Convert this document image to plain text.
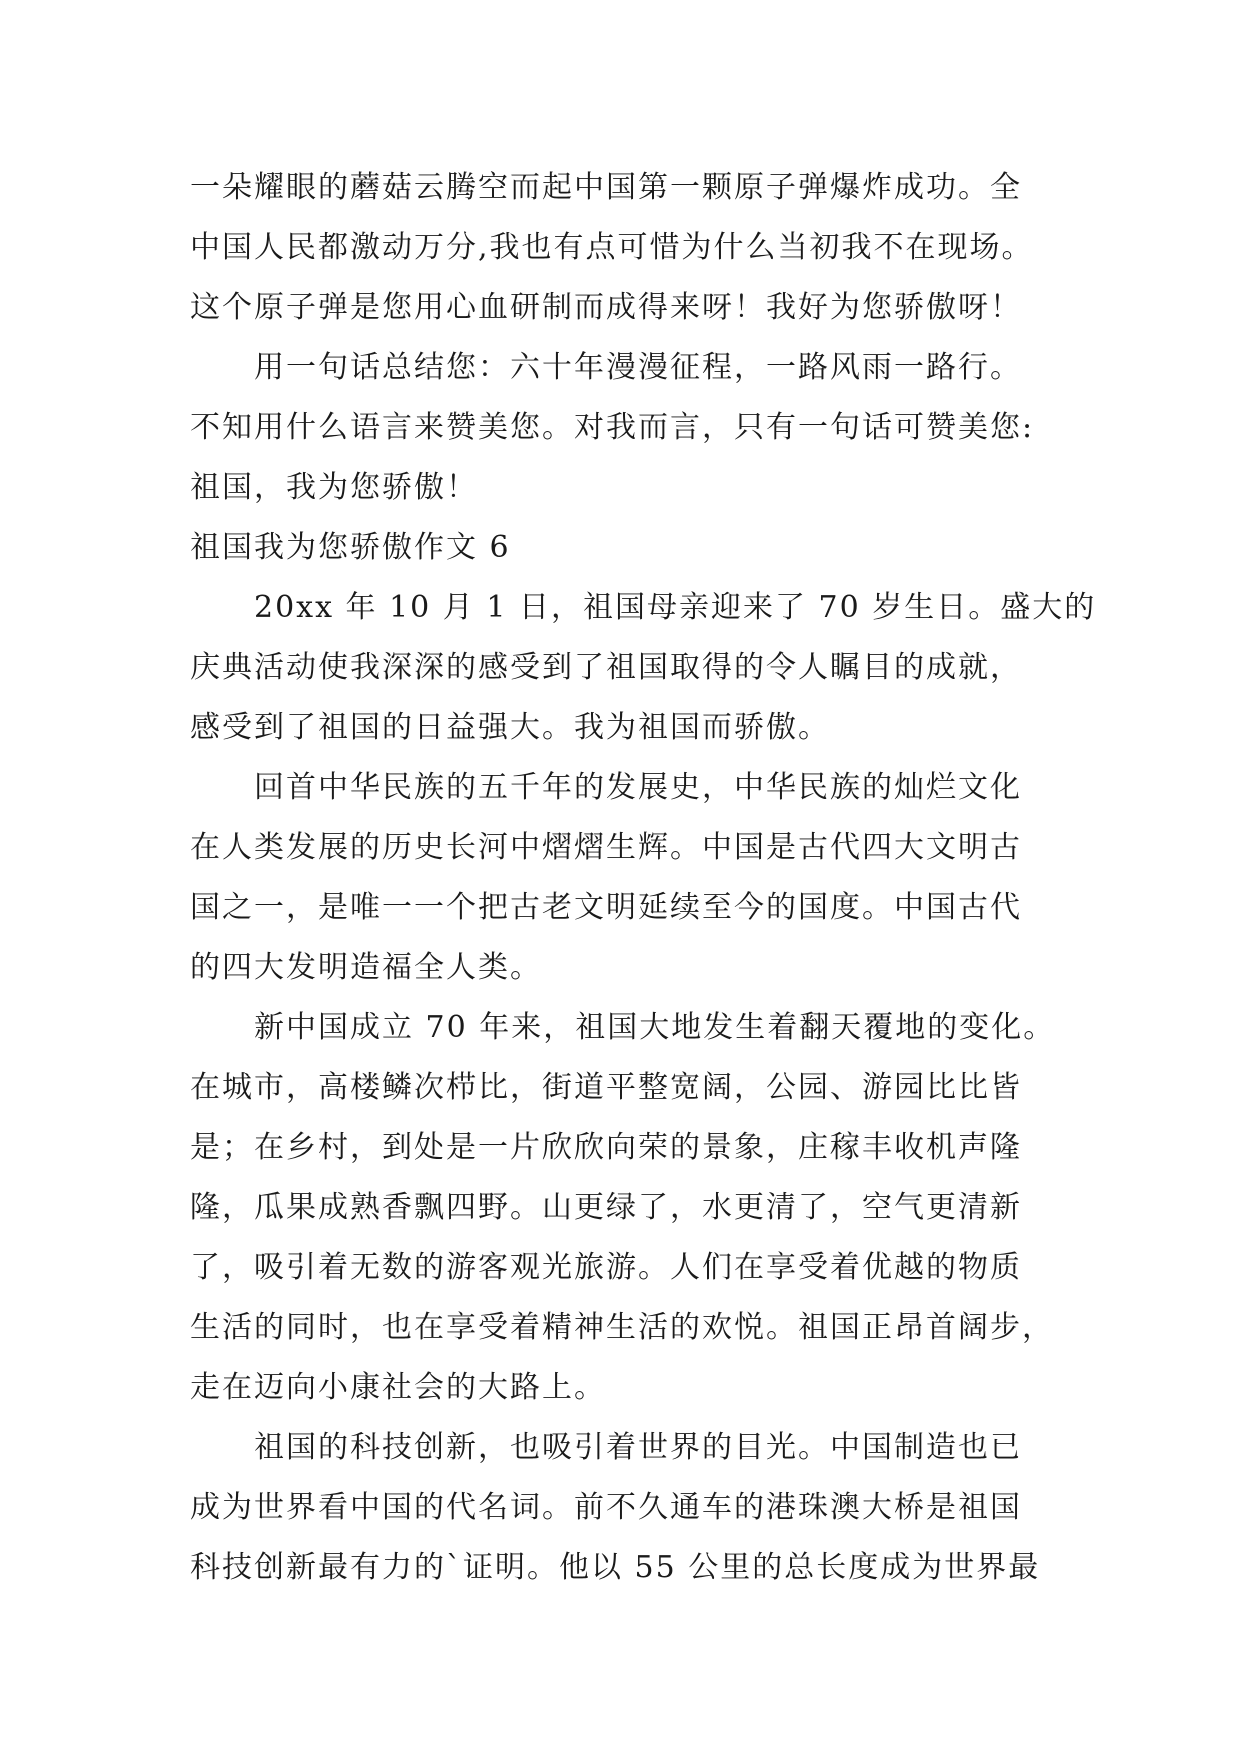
一朵耀眼的蘑菇云腾空而起中国第一颗原子弹爆炸成功。全
中国人民都激动万分,我也有点可惜为什么当初我不在现场。
这个原子弹是您用心血研制而成得来呀！我好为您骄傲呀！
用一句话总结您：六十年漫漫征程，一路风雨一路行。
不知用什么语言来赞美您。对我而言，只有一句话可赞美您:
祖国，我为您骄傲！
祖国我为您骄傲作文 6
20xx 年 10 月 1 日，祖国母亲迎来了 70 岁生日。盛大的
庆典活动使我深深的感受到了祖国取得的令人瞩目的成就，
感受到了祖国的日益强大。我为祖国而骄傲。
回首中华民族的五千年的发展史，中华民族的灿烂文化
在人类发展的历史长河中熠熠生辉。中国是古代四大文明古
国之一，是唯一一个把古老文明延续至今的国度。中国古代
的四大发明造福全人类。
新中国成立 70 年来，祖国大地发生着翻天覆地的变化。
在城市，高楼鳞次栉比，街道平整宽阔，公园、游园比比皆
是；在乡村，到处是一片欣欣向荣的景象，庄稼丰收机声隆
隆，瓜果成熟香飘四野。山更绿了，水更清了，空气更清新
了，吸引着无数的游客观光旅游。人们在享受着优越的物质
生活的同时，也在享受着精神生活的欢悦。祖国正昂首阔步，
走在迈向小康社会的大路上。
祖国的科技创新，也吸引着世界的目光。中国制造也已
成为世界看中国的代名词。前不久通车的港珠澳大桥是祖国
科技创新最有力的`证明。他以 55 公里的总长度成为世界最
